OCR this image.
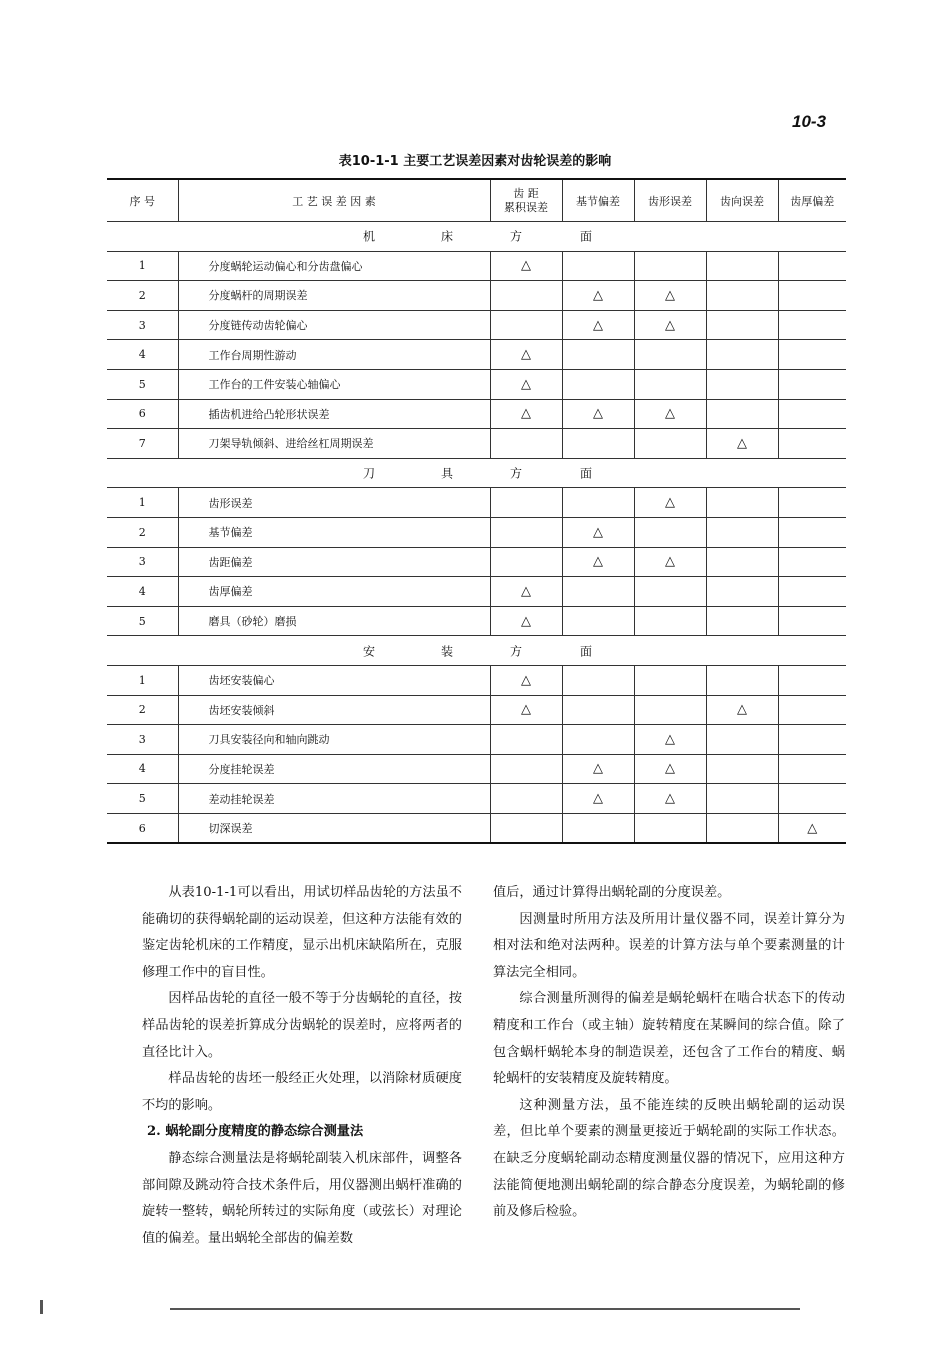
10-3
表10-1-1 主要工艺误差因素对齿轮误差的影响
序 号	工 艺 误 差 因 素	齿 距
累积误差	基节偏差	齿形误差	齿向误差	齿厚偏差

机 床 方 面						

1	分度蜗轮运动偏心和分齿盘偏心	△				
2	分度蜗杆的周期误差		△	△		
3	分度链传动齿轮偏心		△	△		
4	工作台周期性游动	△				
5	工作台的工件安装心轴偏心	△				
6	插齿机进给凸轮形状误差	△	△	△		
7	刀架导轨倾斜、进给丝杠周期误差				△	

刀 具 方 面						

1	齿形误差			△		
2	基节偏差		△			
3	齿距偏差		△	△		
4	齿厚偏差	△				
5	磨具（砂轮）磨损	△				

安 装 方 面						

1	齿坯安装偏心	△				
2	齿坯安装倾斜	△			△	
3	刀具安装径向和轴向跳动			△		
4	分度挂轮误差		△	△		
5	差动挂轮误差		△	△		
6	切深误差					△

从表10-1-1可以看出，用试切样品齿轮的方法虽不能确切的获得蜗轮副的运动误差，但这种方法能有效的鉴定齿轮机床的工作精度，显示出机床缺陷所在，克服修理工作中的盲目性。

因样品齿轮的直径一般不等于分齿蜗轮的直径，按样品齿轮的误差折算成分齿蜗轮的误差时，应将两者的直径比计入。

样品齿轮的齿坯一般经正火处理，以消除材质硬度不均的影响。

2. 蜗轮副分度精度的静态综合测量法

静态综合测量法是将蜗轮副装入机床部件，调整各部间隙及跳动符合技术条件后，用仪器测出蜗杆准确的旋转一整转，蜗轮所转过的实际角度（或弦长）对理论值的偏差。量出蜗轮全部齿的偏差数

值后，通过计算得出蜗轮副的分度误差。

因测量时所用方法及所用计量仪器不同，误差计算分为相对法和绝对法两种。误差的计算方法与单个要素测量的计算法完全相同。

综合测量所测得的偏差是蜗轮蜗杆在啮合状态下的传动精度和工作台（或主轴）旋转精度在某瞬间的综合值。除了包含蜗杆蜗轮本身的制造误差，还包含了工作台的精度、蜗轮蜗杆的安装精度及旋转精度。

这种测量方法，虽不能连续的反映出蜗轮副的运动误差，但比单个要素的测量更接近于蜗轮副的实际工作状态。在缺乏分度蜗轮副动态精度测量仪器的情况下，应用这种方法能简便地测出蜗轮副的综合静态分度误差，为蜗轮副的修前及修后检验。
